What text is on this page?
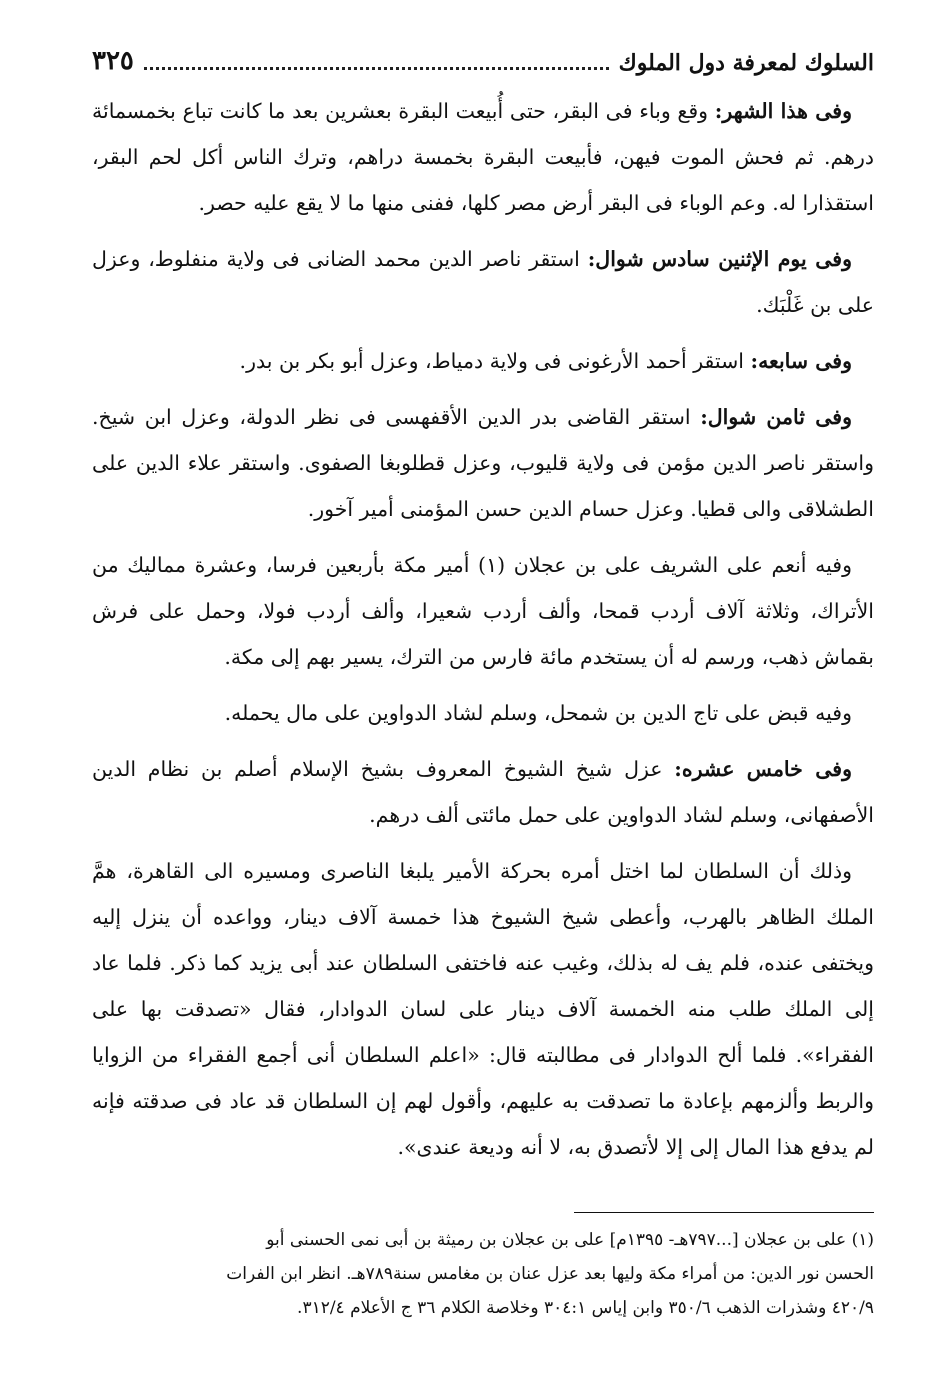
السلوك لمعرفة دول الملوك
٣٢٥

وفى هذا الشهر: وقع وباء فى البقر، حتى أُبيعت البقرة بعشرين بعد ما كانت تباع بخمسمائة درهم. ثم فحش الموت فيهن، فأبيعت البقرة بخمسة دراهم، وترك الناس أكل لحم البقر، استقذارا له. وعم الوباء فى البقر أرض مصر كلها، ففنى منها ما لا يقع عليه حصر.

وفى يوم الإثنين سادس شوال: استقر ناصر الدين محمد الضانى فى ولاية منفلوط، وعزل على بن غَلْبَك.

وفى سابعه: استقر أحمد الأرغونى فى ولاية دمياط، وعزل أبو بكر بن بدر.

وفى ثامن شوال: استقر القاضى بدر الدين الأقفهسى فى نظر الدولة، وعزل ابن شيخ. واستقر ناصر الدين مؤمن فى ولاية قليوب، وعزل قطلوبغا الصفوى. واستقر علاء الدين على الطشلاقى والى قطيا. وعزل حسام الدين حسن المؤمنى أمير آخور.

وفيه أنعم على الشريف على بن عجلان (١) أمير مكة بأربعين فرسا، وعشرة مماليك من الأتراك، وثلاثة آلاف أردب قمحا، وألف أردب شعيرا، وألف أردب فولا، وحمل على فرش بقماش ذهب، ورسم له أن يستخدم مائة فارس من الترك، يسير بهم إلى مكة.

وفيه قبض على تاج الدين بن شمحل، وسلم لشاد الدواوين على مال يحمله.

وفى خامس عشره: عزل شيخ الشيوخ المعروف بشيخ الإسلام أصلم بن نظام الدين الأصفهانى، وسلم لشاد الدواوين على حمل مائتى ألف درهم.

وذلك أن السلطان لما اختل أمره بحركة الأمير يلبغا الناصرى ومسيره الى القاهرة، همَّ الملك الظاهر بالهرب، وأعطى شيخ الشيوخ هذا خمسة آلاف دينار، وواعده أن ينزل إليه ويختفى عنده، فلم يف له بذلك، وغيب عنه فاختفى السلطان عند أبى يزيد كما ذكر. فلما عاد إلى الملك طلب منه الخمسة آلاف دينار على لسان الدوادار، فقال «تصدقت بها على الفقراء». فلما ألح الدوادار فى مطالبته قال: «اعلم السلطان أنى أجمع الفقراء من الزوايا والربط وألزمهم بإعادة ما تصدقت به عليهم، وأقول لهم إن السلطان قد عاد فى صدقته فإنه لم يدفع هذا المال إلى إلا لأتصدق به، لا أنه وديعة عندى».

(١) على بن عجلان [...٧٩٧هـ- ١٣٩٥م] على بن عجلان بن رميثة بن أبى نمى الحسنى أبو

الحسن نور الدين: من أمراء مكة وليها بعد عزل عنان بن مغامس سنة٧٨٩هـ. انظر ابن الفرات

٤٢٠/٩ وشذرات الذهب ٣٥٠/٦ وابن إياس ٣٠٤:١ وخلاصة الكلام ٣٦ ج الأعلام ٣١٢/٤.
